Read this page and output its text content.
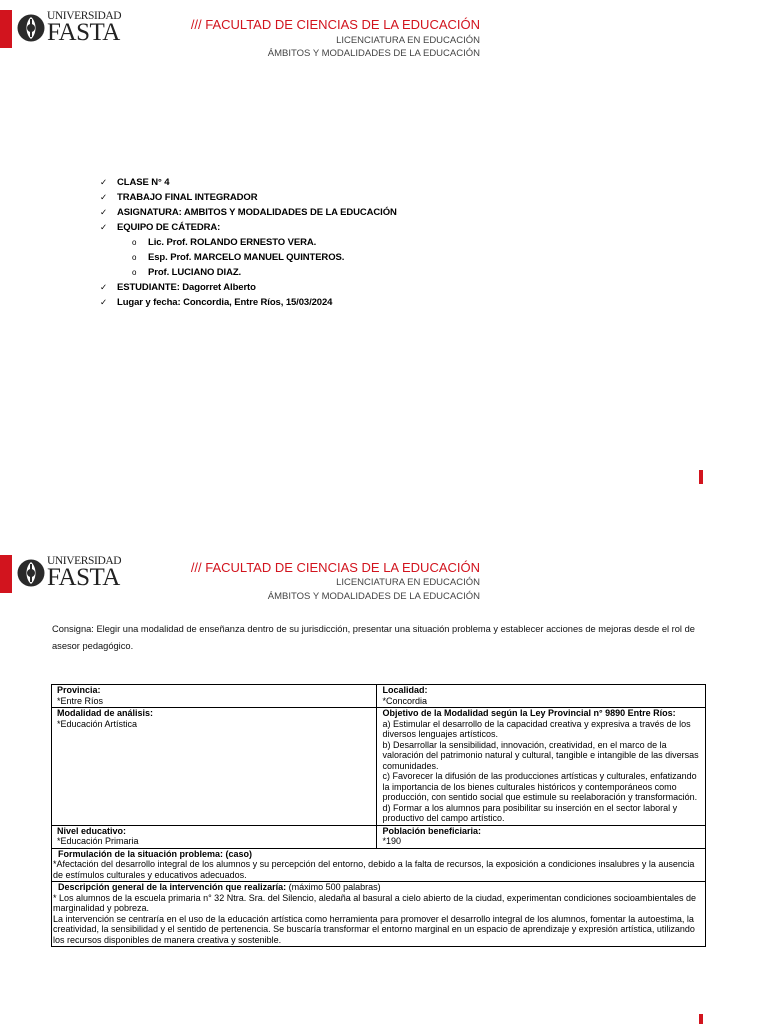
UNIVERSIDAD
FASTA	/// FACULTAD DE CIENCIAS DE LA EDUCACIÓN
LICENCIATURA EN EDUCACIÓN
ÁMBITOS Y MODALIDADES DE LA EDUCACIÓN
✓ CLASE N° 4
✓ TRABAJO FINAL INTEGRADOR
✓ ASIGNATURA: AMBITOS Y MODALIDADES DE LA EDUCACIÓN
✓ EQUIPO DE CÁTEDRA:
o Lic. Prof. ROLANDO ERNESTO VERA.
o Esp. Prof. MARCELO MANUEL QUINTEROS.
o Prof. LUCIANO DIAZ.
✓ ESTUDIANTE: Dagorret Alberto
✓ Lugar y fecha: Concordia, Entre Ríos, 15/03/2024
UNIVERSIDAD
FASTA	/// FACULTAD DE CIENCIAS DE LA EDUCACIÓN
LICENCIATURA EN EDUCACIÓN
ÁMBITOS Y MODALIDADES DE LA EDUCACIÓN
Consigna: Elegir una modalidad de enseñanza dentro de su jurisdicción, presentar una situación problema y establecer acciones de mejoras desde el rol de asesor pedagógico.
Provincia:
*Entre Ríos	Localidad:
*Concordia

Modalidad de análisis:
*Educación Artística	Objetivo de la Modalidad según la Ley Provincial n° 9890 Entre Ríos:
a) Estimular el desarrollo de la capacidad creativa y expresiva a través de los diversos lenguajes artísticos.
b) Desarrollar la sensibilidad, innovación, creatividad, en el marco de la valoración del patrimonio natural y cultural, tangible e intangible de las diversas comunidades.
c) Favorecer la difusión de las producciones artísticas y culturales, enfatizando la importancia de los bienes culturales históricos y contemporáneos como producción, con sentido social que estimule su reelaboración y transformación.
d) Formar a los alumnos para posibilitar su inserción en el sector laboral y productivo del campo artístico.

Nivel educativo:
*Educación Primaria	Población beneficiaria:
*190

Formulación de la situación problema: (caso)
*Afectación del desarrollo integral de los alumnos y su percepción del entorno, debido a la falta de recursos, la exposición a condiciones insalubres y la ausencia de estímulos culturales y educativos adecuados.	

Descripción general de la intervención que realizaría: (máximo 500 palabras)
* Los alumnos de la escuela primaria n° 32 Ntra. Sra. del Silencio, aledaña al basural a cielo abierto de la ciudad, experimentan condiciones socioambientales de marginalidad y pobreza.
La intervención se centraría en el uso de la educación artística como herramienta para promover el desarrollo integral de los alumnos, fomentar la autoestima, la creatividad, la sensibilidad y el sentido de pertenencia. Se buscaría transformar el entorno marginal en un espacio de aprendizaje y expresión artística, utilizando los recursos disponibles de manera creativa y sostenible.	
